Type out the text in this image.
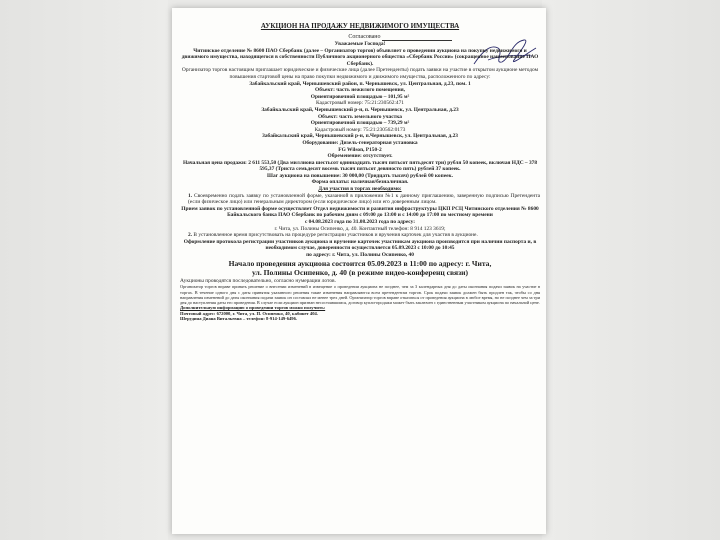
АУКЦИОН НА ПРОДАЖУ НЕДВИЖИМОГО ИМУЩЕСТВА
Согласовано

Уважаемые Господа!

Читинское отделение № 8600 ПАО Сбербанк (далее – Организатор торгов) объявляет о проведении аукциона на покупку недвижимого и движимого имущества, находящегося в собственности Публичного акционерного общества «Сбербанк России» (сокращенное наименование ПАО Сбербанк).

Организатор торгов настоящим приглашает юридические и физические лица (далее Претенденты) подать заявки на участие в открытом аукционе методом повышения стартовой цены на право покупки недвижимого и движимого имущества, расположенного по адресу:

Забайкальский край, Чернышевский район, п. Чернышевск, ул. Центральная, д.23, пом. 1

Объект: часть нежилого помещения,

Ориентировочной площадью – 101,95 м²

Кадастровый номер: 75:21:230562:471

Забайкальский край, Чернышевский р-н, п. Чернышевск, ул. Центральная, д.23

Объект: часть земельного участка

Ориентировочной площадью – 739,29 м²

Кадастровый номер: 75:21:230562:0173

Забайкальский край, Чернышевский р-н, п.Чернышевск, ул. Центральная, д.23

Оборудование: Дизель-генераторная установка

FG Wilson, P150-2

Обременение: отсутствует.

Начальная цена продажи: 2 611 553,50 (Два миллиона шестьсот одиннадцать тысяч пятьсот пятьдесят три) рубля 50 копеек, включая НДС – 378 595,37 (Триста семьдесят восемь тысяч пятьсот девяносто пять) рублей 37 копеек.

Шаг аукциона на повышение: 30 000,00 (Тридцать тысяч) рублей 00 копеек.

Форма оплаты: наличная/безналичная.

Для участия в торгах необходимо:

1. Своевременно подать заявку по установленной форме, указанной в приложении №1 к данному приглашению, заверенную подписью Претендента (если физическое лицо) или генеральным директором (если юридическое лицо) или его доверенным лицом.

Прием заявок по установленной форме осуществляет Отдел недвижимости и развития инфраструктуры ЦКП РСЦ Читинского отделения № 8600 Байкальского банка ПАО Сбербанк по рабочим дням с 09:00 до 13:00 и с 14:00 до 17:00 по местному времени

с 04.08.2023 года по 31.08.2023 года по адресу:

г. Чита, ул. Полины Осипенко, д. 40. Контактный телефон: 8 914 123 3619;

2. В установленное время присутствовать на процедуре регистрации участников и вручения карточек для участия в аукционе.

Оформление протокола регистрации участников аукциона и вручение карточек участникам аукциона производится при наличии паспорта и, в необходимом случае, доверенности осуществляется 05.09.2023 с 10:00 до 10:45

по адресу: г. Чита, ул. Полины Осипенко, 40

Начало проведения аукциона состоится 05.09.2023 в 11:00 по адресу: г. Чита,

ул. Полины Осипенко, д. 40 (в режиме видео-конференц связи)

Аукционы проводятся последовательно, согласно нумерации лотов.

Организатор торгов вправе принять решение о внесении изменений в извещение о проведении аукциона не позднее, чем за 3 календарных дня до даты окончания подачи заявок на участие в торгах. В течение одного дня с даты принятия указанного решения такие изменения направляются всем претендентам торгов. Срок подачи заявок должен быть продлен так, чтобы со дня направления изменений до даты окончания подачи заявок он составлял не менее трех дней. Организатор торгов вправе отказаться от проведения аукциона в любое время, но не позднее чем за три дня до наступления даты его проведения. В случае если аукцион признан несостоявшимся, договор купли-продажи может быть заключен с единственным участником аукциона по начальной цене.

Дополнительную информацию о проведении торгов можно получить:

Почтовый адрес: 672000, г. Чита, ул. П. Осипенко, 40, кабинет 404.

Шерудина Диана Витальевна – телефон: 8-914-149-6496.
